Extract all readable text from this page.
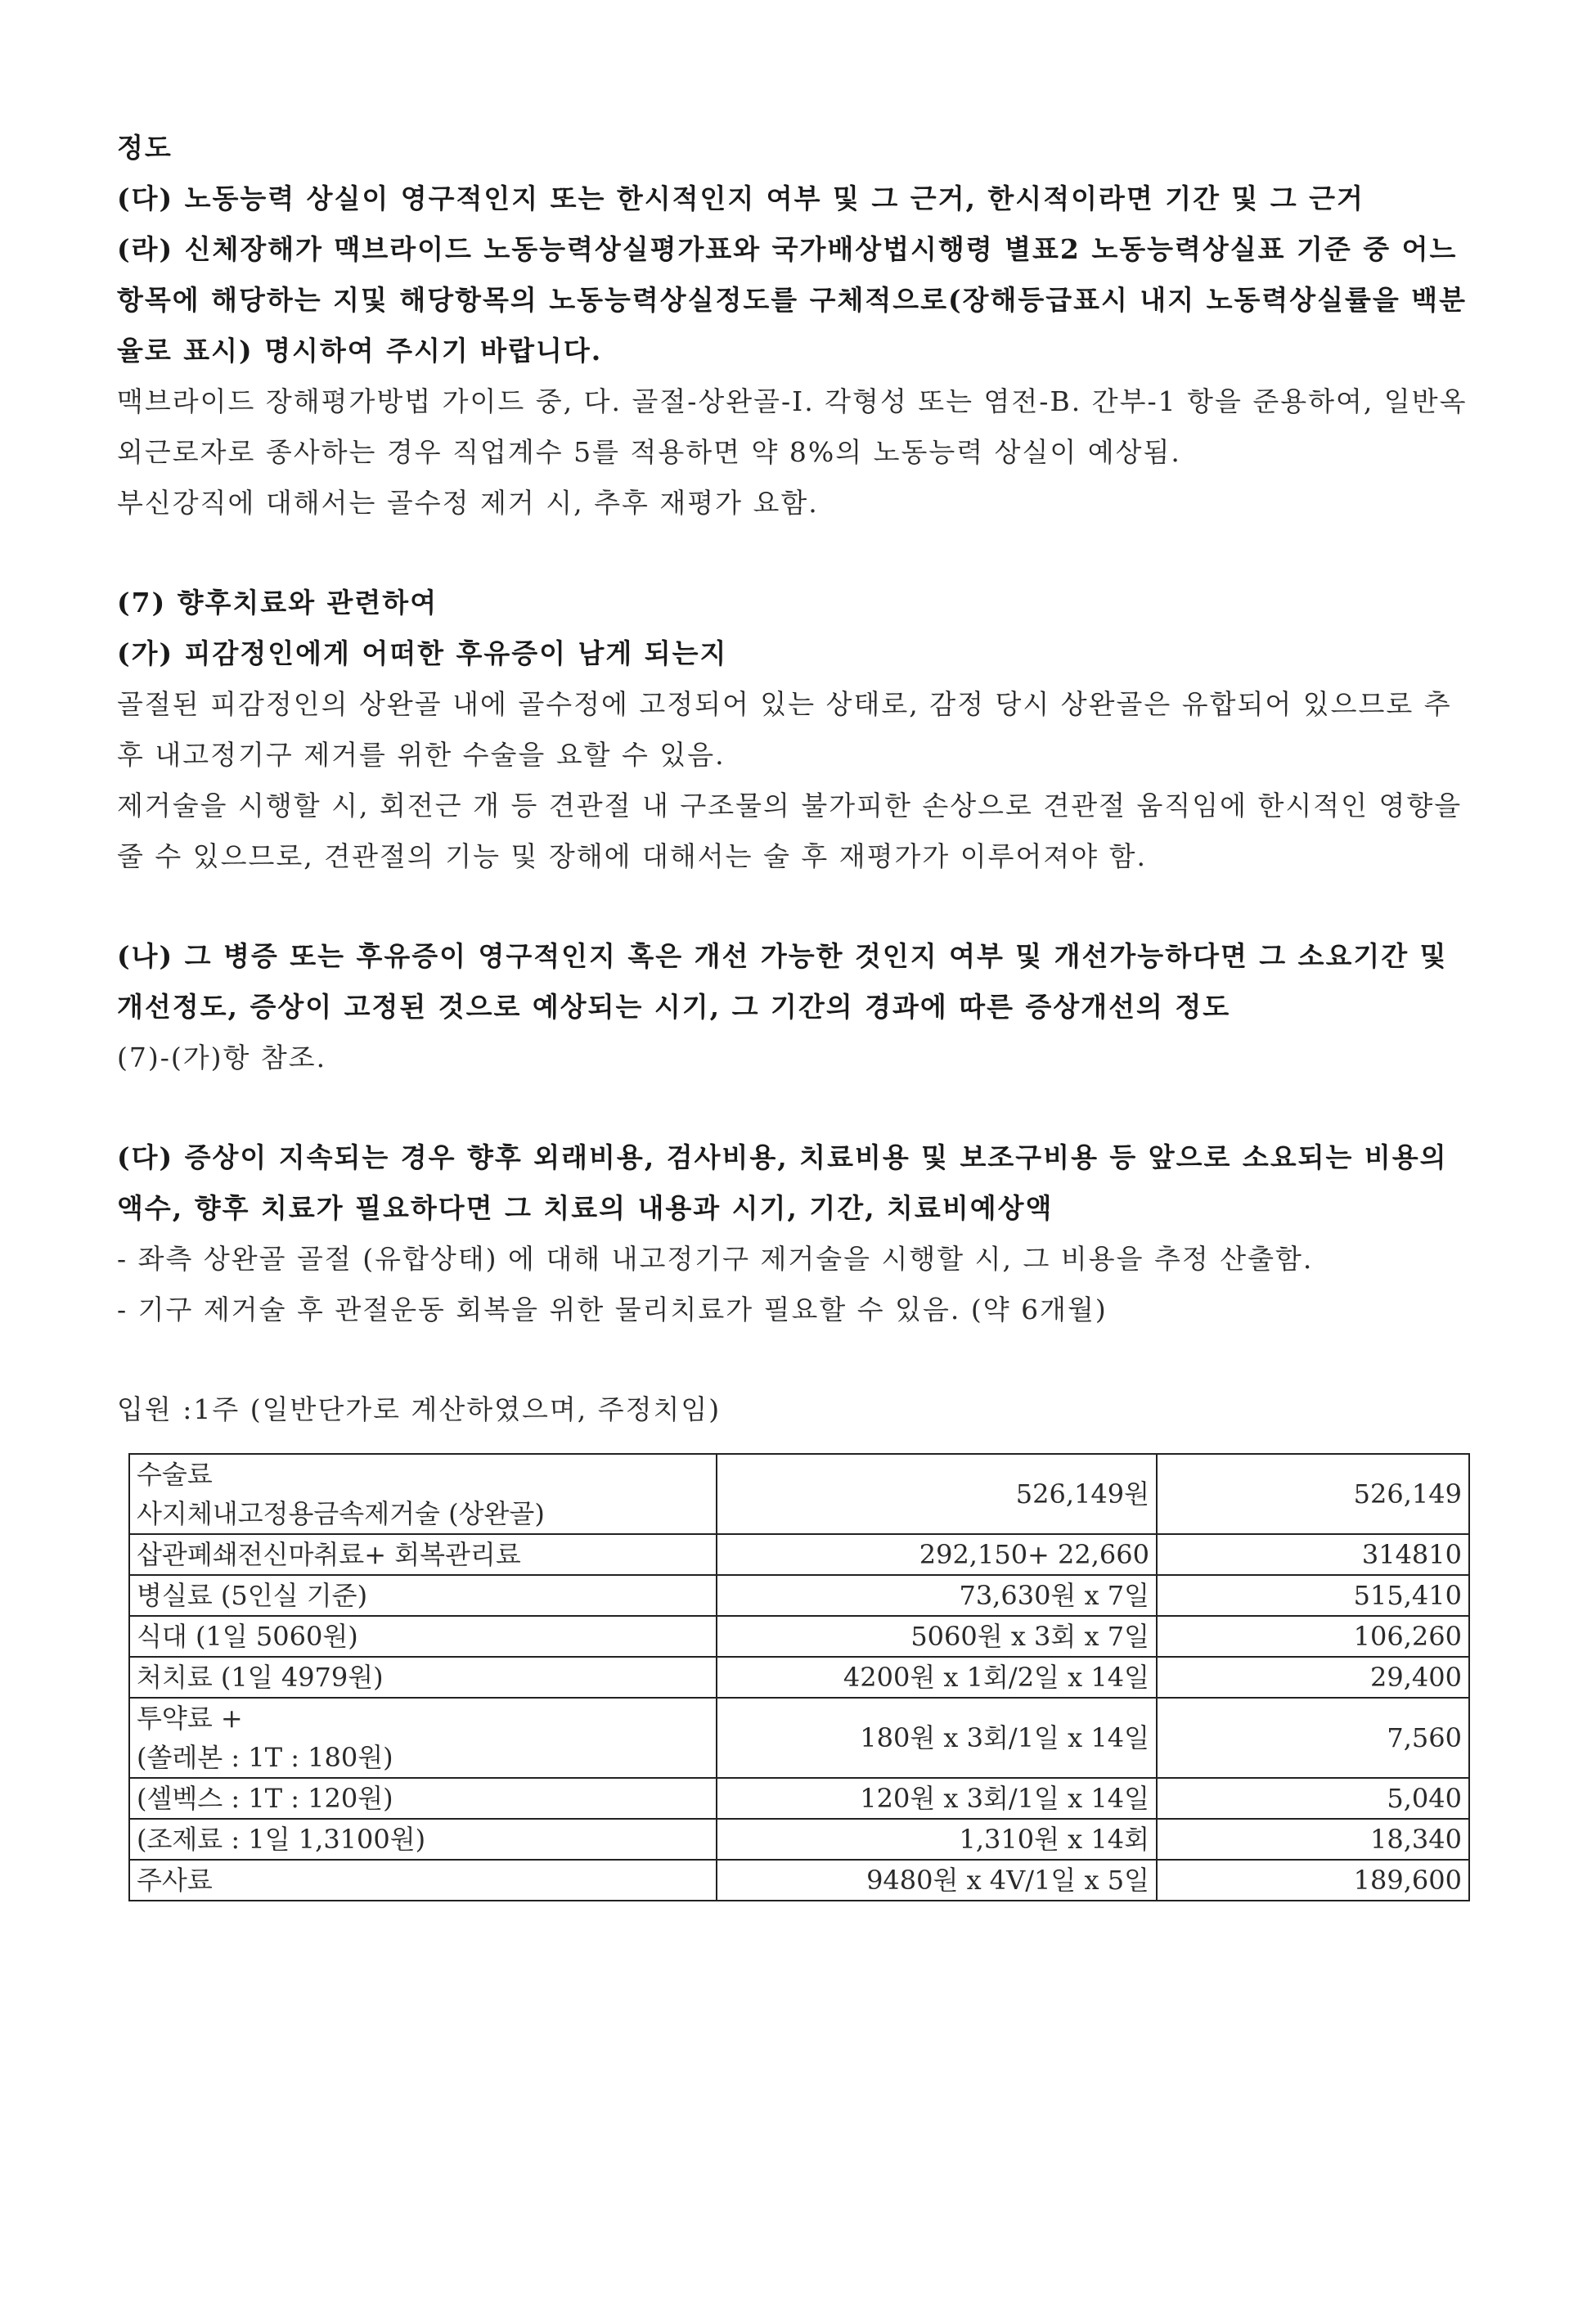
정도

(다) 노동능력 상실이 영구적인지 또는 한시적인지 여부 및 그 근거, 한시적이라면 기간 및 그 근거

(라) 신체장해가 맥브라이드 노동능력상실평가표와 국가배상법시행령 별표2 노동능력상실표 기준 중 어느 항목에 해당하는 지및 해당항목의 노동능력상실정도를 구체적으로(장해등급표시 내지 노동력상실률을 백분율로 표시) 명시하여 주시기 바랍니다.

맥브라이드 장해평가방법 가이드 중, 다. 골절-상완골-I. 각형성 또는 염전-B. 간부-1 항을 준용하여, 일반옥외근로자로 종사하는 경우 직업계수 5를 적용하면 약 8%의 노동능력 상실이 예상됨.

부신강직에 대해서는 골수정 제거 시, 추후 재평가 요함.

(7) 향후치료와 관련하여

(가) 피감정인에게 어떠한 후유증이 남게 되는지

골절된 피감정인의 상완골 내에 골수정에 고정되어 있는 상태로, 감정 당시 상완골은 유합되어 있으므로 추후 내고정기구 제거를 위한 수술을 요할 수 있음.

제거술을 시행할 시, 회전근 개 등 견관절 내 구조물의 불가피한 손상으로 견관절 움직임에 한시적인 영향을 줄 수 있으므로, 견관절의 기능 및 장해에 대해서는 술 후 재평가가 이루어져야 함.

(나) 그 병증 또는 후유증이 영구적인지 혹은 개선 가능한 것인지 여부 및 개선가능하다면 그 소요기간 및 개선정도, 증상이 고정된 것으로 예상되는 시기, 그 기간의 경과에 따른 증상개선의 정도

(7)-(가)항 참조.

(다) 증상이 지속되는 경우 향후 외래비용, 검사비용, 치료비용 및 보조구비용 등 앞으로 소요되는 비용의 액수, 향후 치료가 필요하다면 그 치료의 내용과 시기, 기간, 치료비예상액

- 좌측 상완골 골절 (유합상태) 에 대해 내고정기구 제거술을 시행할 시, 그 비용을 추정 산출함.

- 기구 제거술 후 관절운동 회복을 위한 물리치료가 필요할 수 있음. (약 6개월)

입원 :1주 (일반단가로 계산하였으며, 주정치임)

수술료
사지체내고정용금속제거술 (상완골)	526,149원	526,149
삽관폐쇄전신마취료+ 회복관리료	292,150+ 22,660	314810
병실료 (5인실 기준)	73,630원 x 7일	515,410
식대 (1일 5060원)	5060원 x 3회 x 7일	106,260
처치료 (1일 4979원)	4200원 x 1회/2일 x 14일	29,400
투약료 +
(쏠레본 : 1T : 180원)	180원 x 3회/1일 x 14일	7,560
(셀벡스 : 1T : 120원)	120원 x 3회/1일 x 14일	5,040
(조제료 : 1일 1,3100원)	1,310원 x 14회	18,340
주사료	9480원 x 4V/1일 x 5일	189,600
